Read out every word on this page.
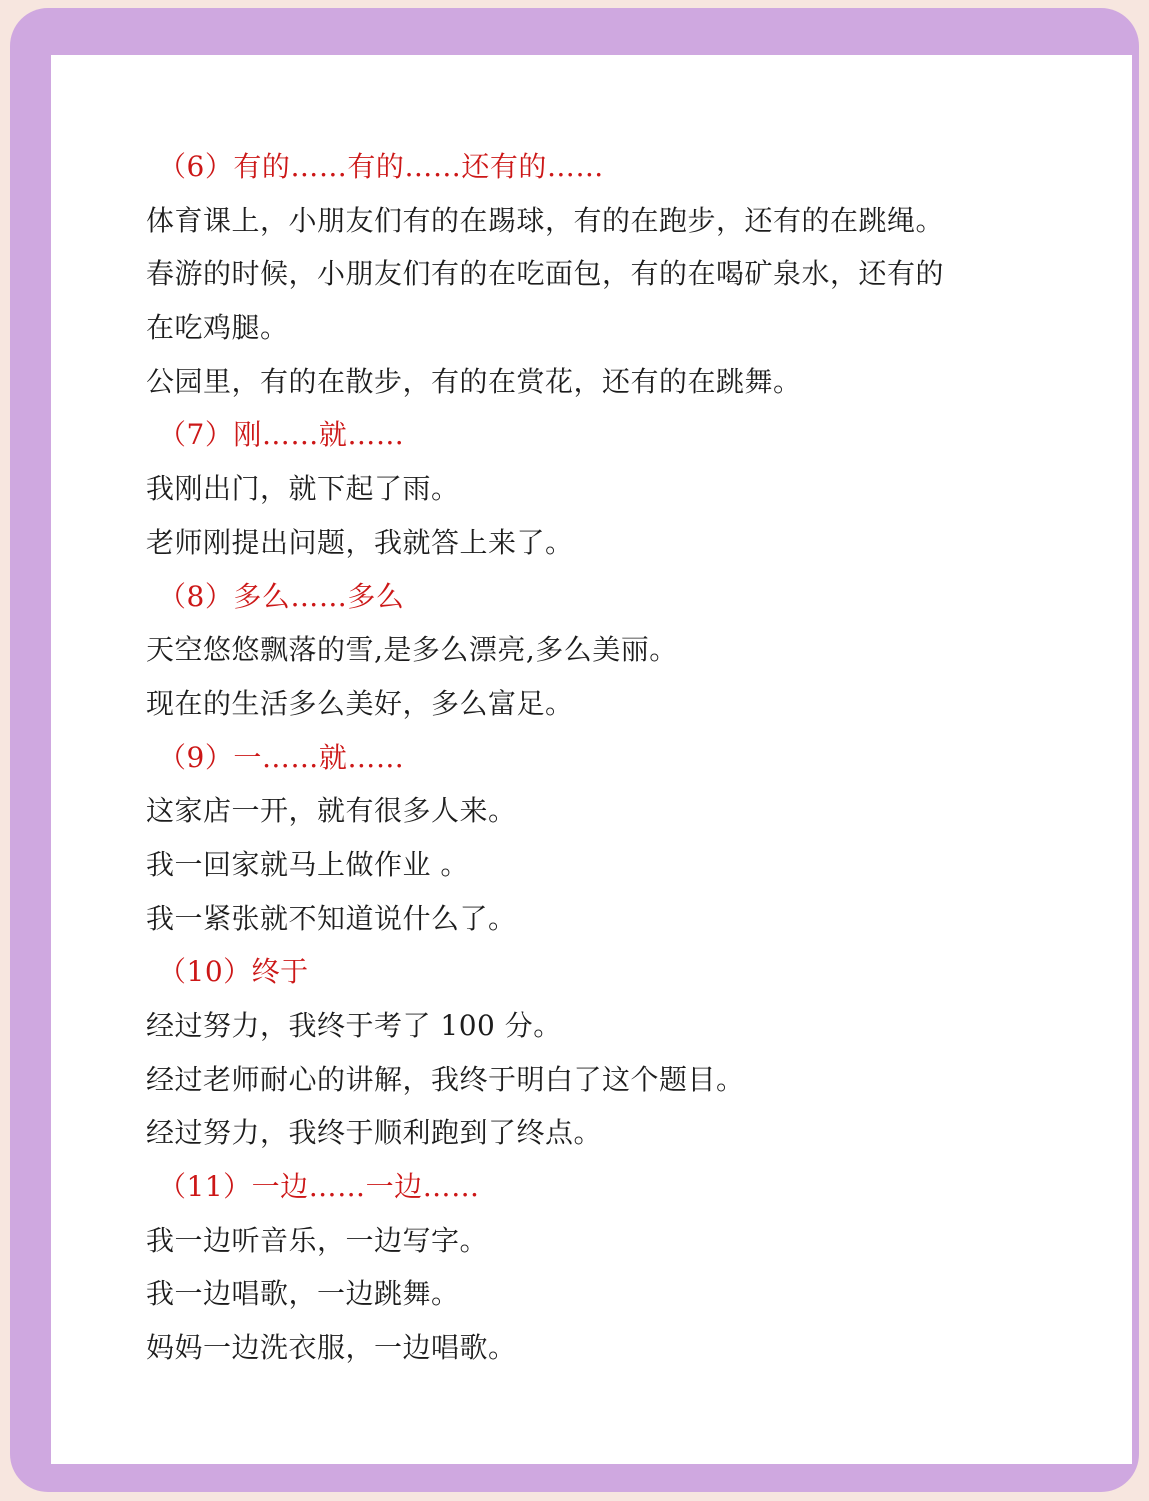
（6）有的……有的……还有的……
体育课上，小朋友们有的在踢球，有的在跑步，还有的在跳绳。
春游的时候，小朋友们有的在吃面包，有的在喝矿泉水，还有的
在吃鸡腿。
公园里，有的在散步，有的在赏花，还有的在跳舞。
（7）刚……就……
我刚出门，就下起了雨。
老师刚提出问题，我就答上来了。
（8）多么……多么
天空悠悠飘落的雪,是多么漂亮,多么美丽。
现在的生活多么美好，多么富足。
（9）一……就……
这家店一开，就有很多人来。
我一回家就马上做作业 。
我一紧张就不知道说什么了。
（10）终于
经过努力，我终于考了 100 分。
经过老师耐心的讲解，我终于明白了这个题目。
经过努力，我终于顺利跑到了终点。
（11）一边……一边……
我一边听音乐，一边写字。
我一边唱歌，一边跳舞。
妈妈一边洗衣服，一边唱歌。
